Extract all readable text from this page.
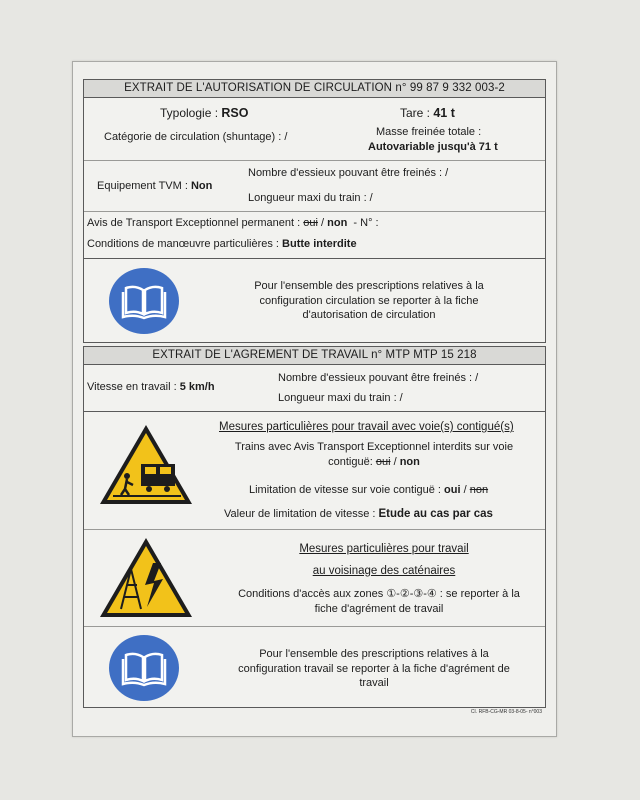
EXTRAIT DE L'AUTORISATION DE CIRCULATION n° 99 87 9 332 003-2
Typologie : RSO	Tare : 41 t
Catégorie de circulation (shuntage) : /	Masse freinée totale :
Autovariable jusqu'à 71 t
Nombre d'essieux pouvant être freinés : /
Equipement TVM : Non
Longueur maxi du train : /
Avis de Transport Exceptionnel permanent : oui / non  - N° :
Conditions de manœuvre particulières : Butte interdite
Pour l'ensemble des prescriptions relatives à la
configuration circulation se reporter à la fiche
d'autorisation de circulation
EXTRAIT DE L'AGREMENT DE TRAVAIL n° MTP MTP 15 218
Vitesse en travail : 5 km/h
Nombre d'essieux pouvant être freinés : /
Longueur maxi du train : /
Mesures particulières pour travail avec voie(s) contigué(s)
Trains avec Avis Transport Exceptionnel interdits sur voie
contiguë: oui / non
Limitation de vitesse sur voie contiguë : oui / non
Valeur de limitation de vitesse : Etude au cas par cas
Mesures particulières pour travail
au voisinage des caténaires
Conditions d'accès aux zones ①-②-③-④ : se reporter à la
fiche d'agrément de travail
Pour l'ensemble des prescriptions relatives à la
configuration travail se reporter à la fiche d'agrément de
travail
CI. RFB-CG-MR 03-8-05- n°003
